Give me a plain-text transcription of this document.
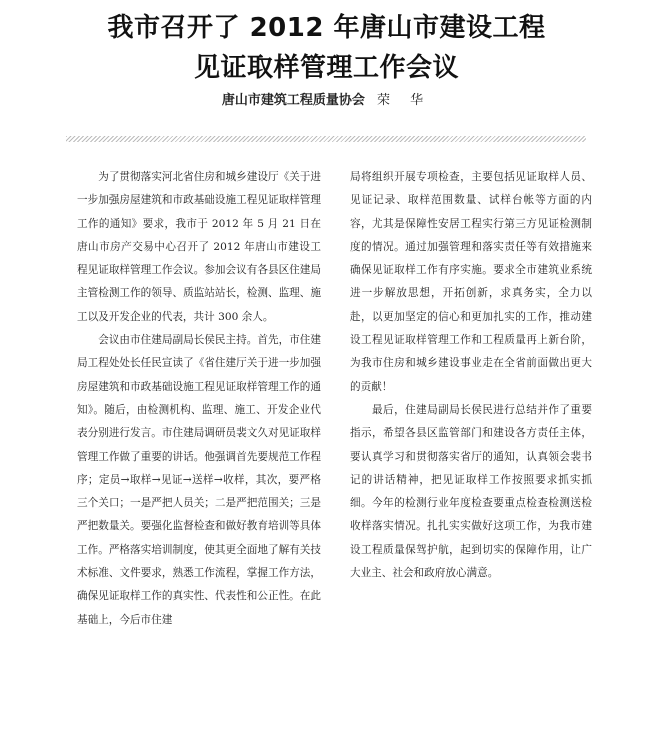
我市召开了 2012 年唐山市建设工程
见证取样管理工作会议
唐山市建筑工程质量协会 荣 华

　　为了贯彻落实河北省住房和城乡建设厅《关于进一步加强房屋建筑和市政基础设施工程见证取样管理工作的通知》要求，我市于 2012 年 5 月 21 日在唐山市房产交易中心召开了 2012 年唐山市建设工程见证取样管理工作会议。参加会议有各县区住建局主管检测工作的领导、质监站站长，检测、监理、施工以及开发企业的代表，共计 300 余人。

　　会议由市住建局副局长侯民主持。首先，市住建局工程处处长任民宣读了《省住建厅关于进一步加强房屋建筑和市政基础设施工程见证取样管理工作的通知》。随后，由检测机构、监理、施工、开发企业代表分别进行发言。市住建局调研员裴文久对见证取样管理工作做了重要的讲话。他强调首先要规范工作程序；定员→取样→见证→送样→收样，其次，要严格三个关口；一是严把人员关；二是严把范围关；三是严把数量关。要强化监督检查和做好教育培训等具体工作。严格落实培训制度，使其更全面地了解有关技术标准、文件要求，熟悉工作流程，掌握工作方法，确保见证取样工作的真实性、代表性和公正性。在此基础上，今后市住建

局将组织开展专项检查，主要包括见证取样人员、见证记录、取样范围数量、试样台帐等方面的内容，尤其是保障性安居工程实行第三方见证检测制度的情况。通过加强管理和落实责任等有效措施来确保见证取样工作有序实施。要求全市建筑业系统进一步解放思想，开拓创新，求真务实，全力以赴，以更加坚定的信心和更加扎实的工作，推动建设工程见证取样管理工作和工程质量再上新台阶，为我市住房和城乡建设事业走在全省前面做出更大的贡献！

　　最后，住建局副局长侯民进行总结并作了重要指示，希望各县区监管部门和建设各方责任主体，要认真学习和贯彻落实省厅的通知，认真领会裴书记的讲话精神，把见证取样工作按照要求抓实抓细。今年的检测行业年度检查要重点检查检测送检收样落实情况。扎扎实实做好这项工作，为我市建设工程质量保驾护航，起到切实的保障作用，让广大业主、社会和政府放心满意。
